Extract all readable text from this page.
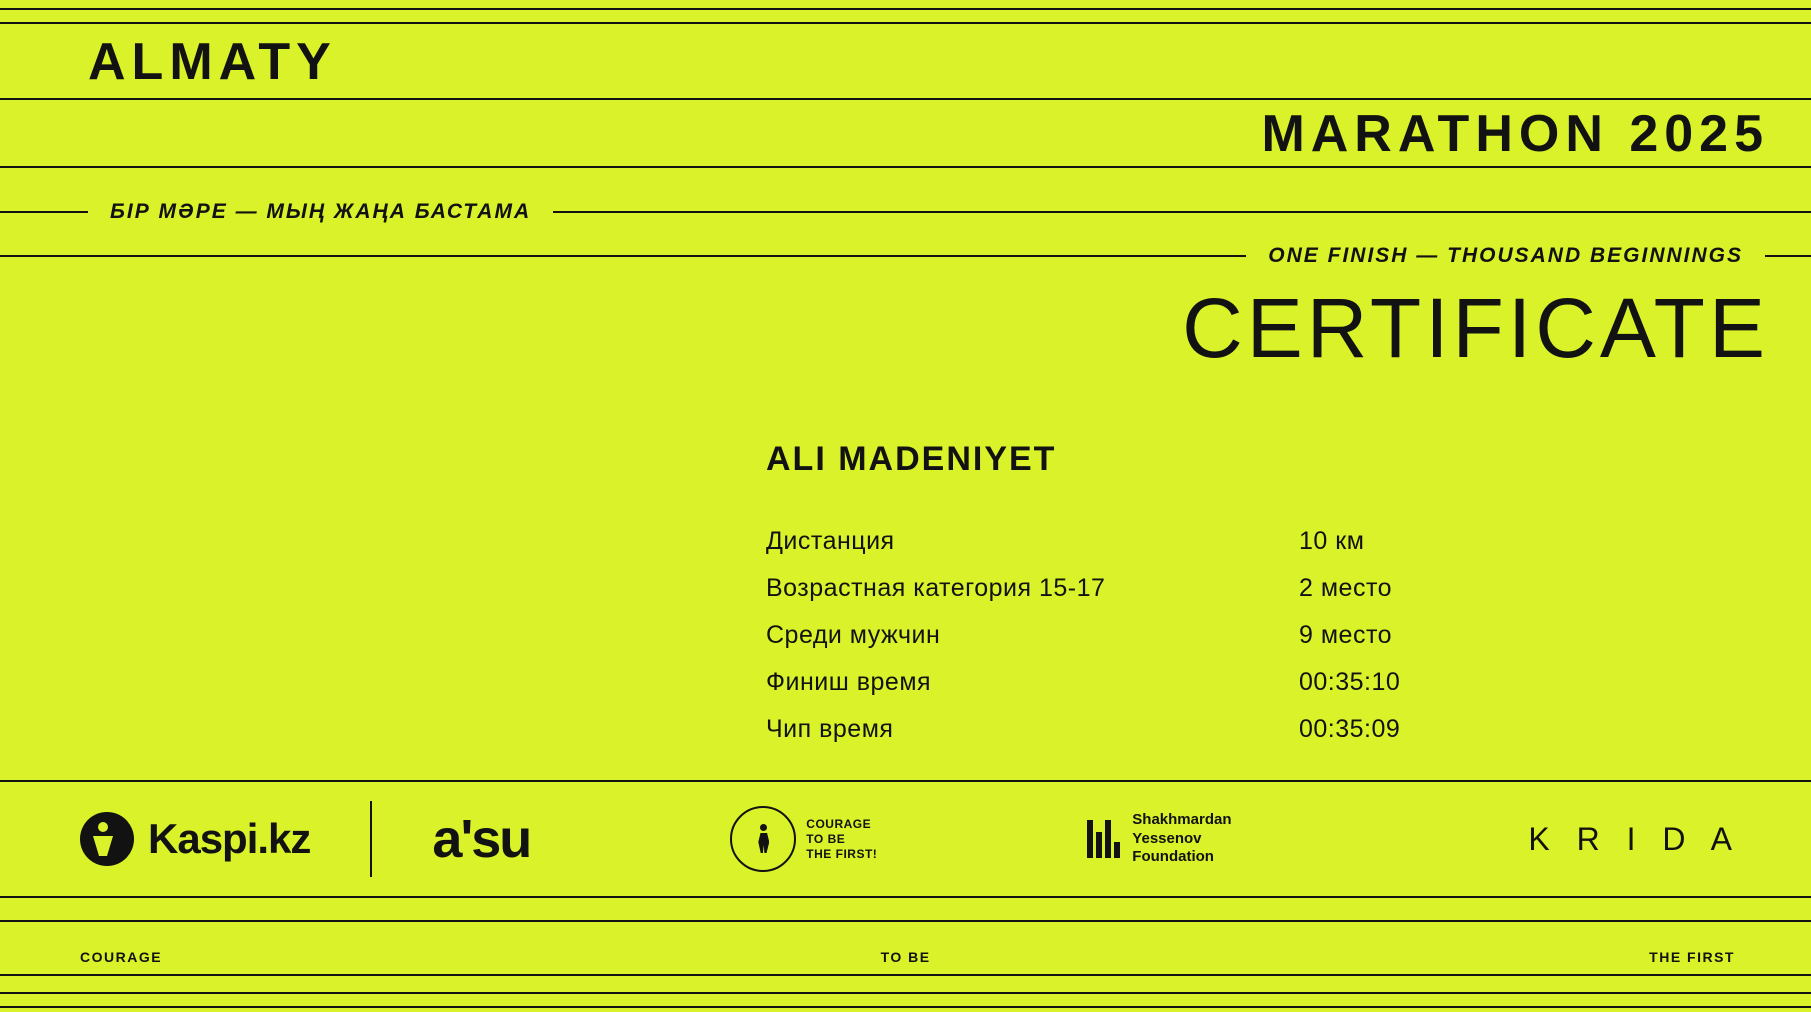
ALMATY
MARATHON 2025
БІР МӘРЕ — МЫҢ ЖАҢА БАСТАМА
ONE FINISH — THOUSAND BEGINNINGS
CERTIFICATE
ALI MADENIYET
Дистанция	10 км
Возрастная категория 15-17	2 место
Среди мужчин	9 место
Финиш время	00:35:10
Чип время	00:35:09
Kaspi.kz a'su	COURAGE
TO BE
THE FIRST!
Shakhmardan
Yessenov
Foundation
K R I D A
COURAGE	TO BE	THE FIRST
